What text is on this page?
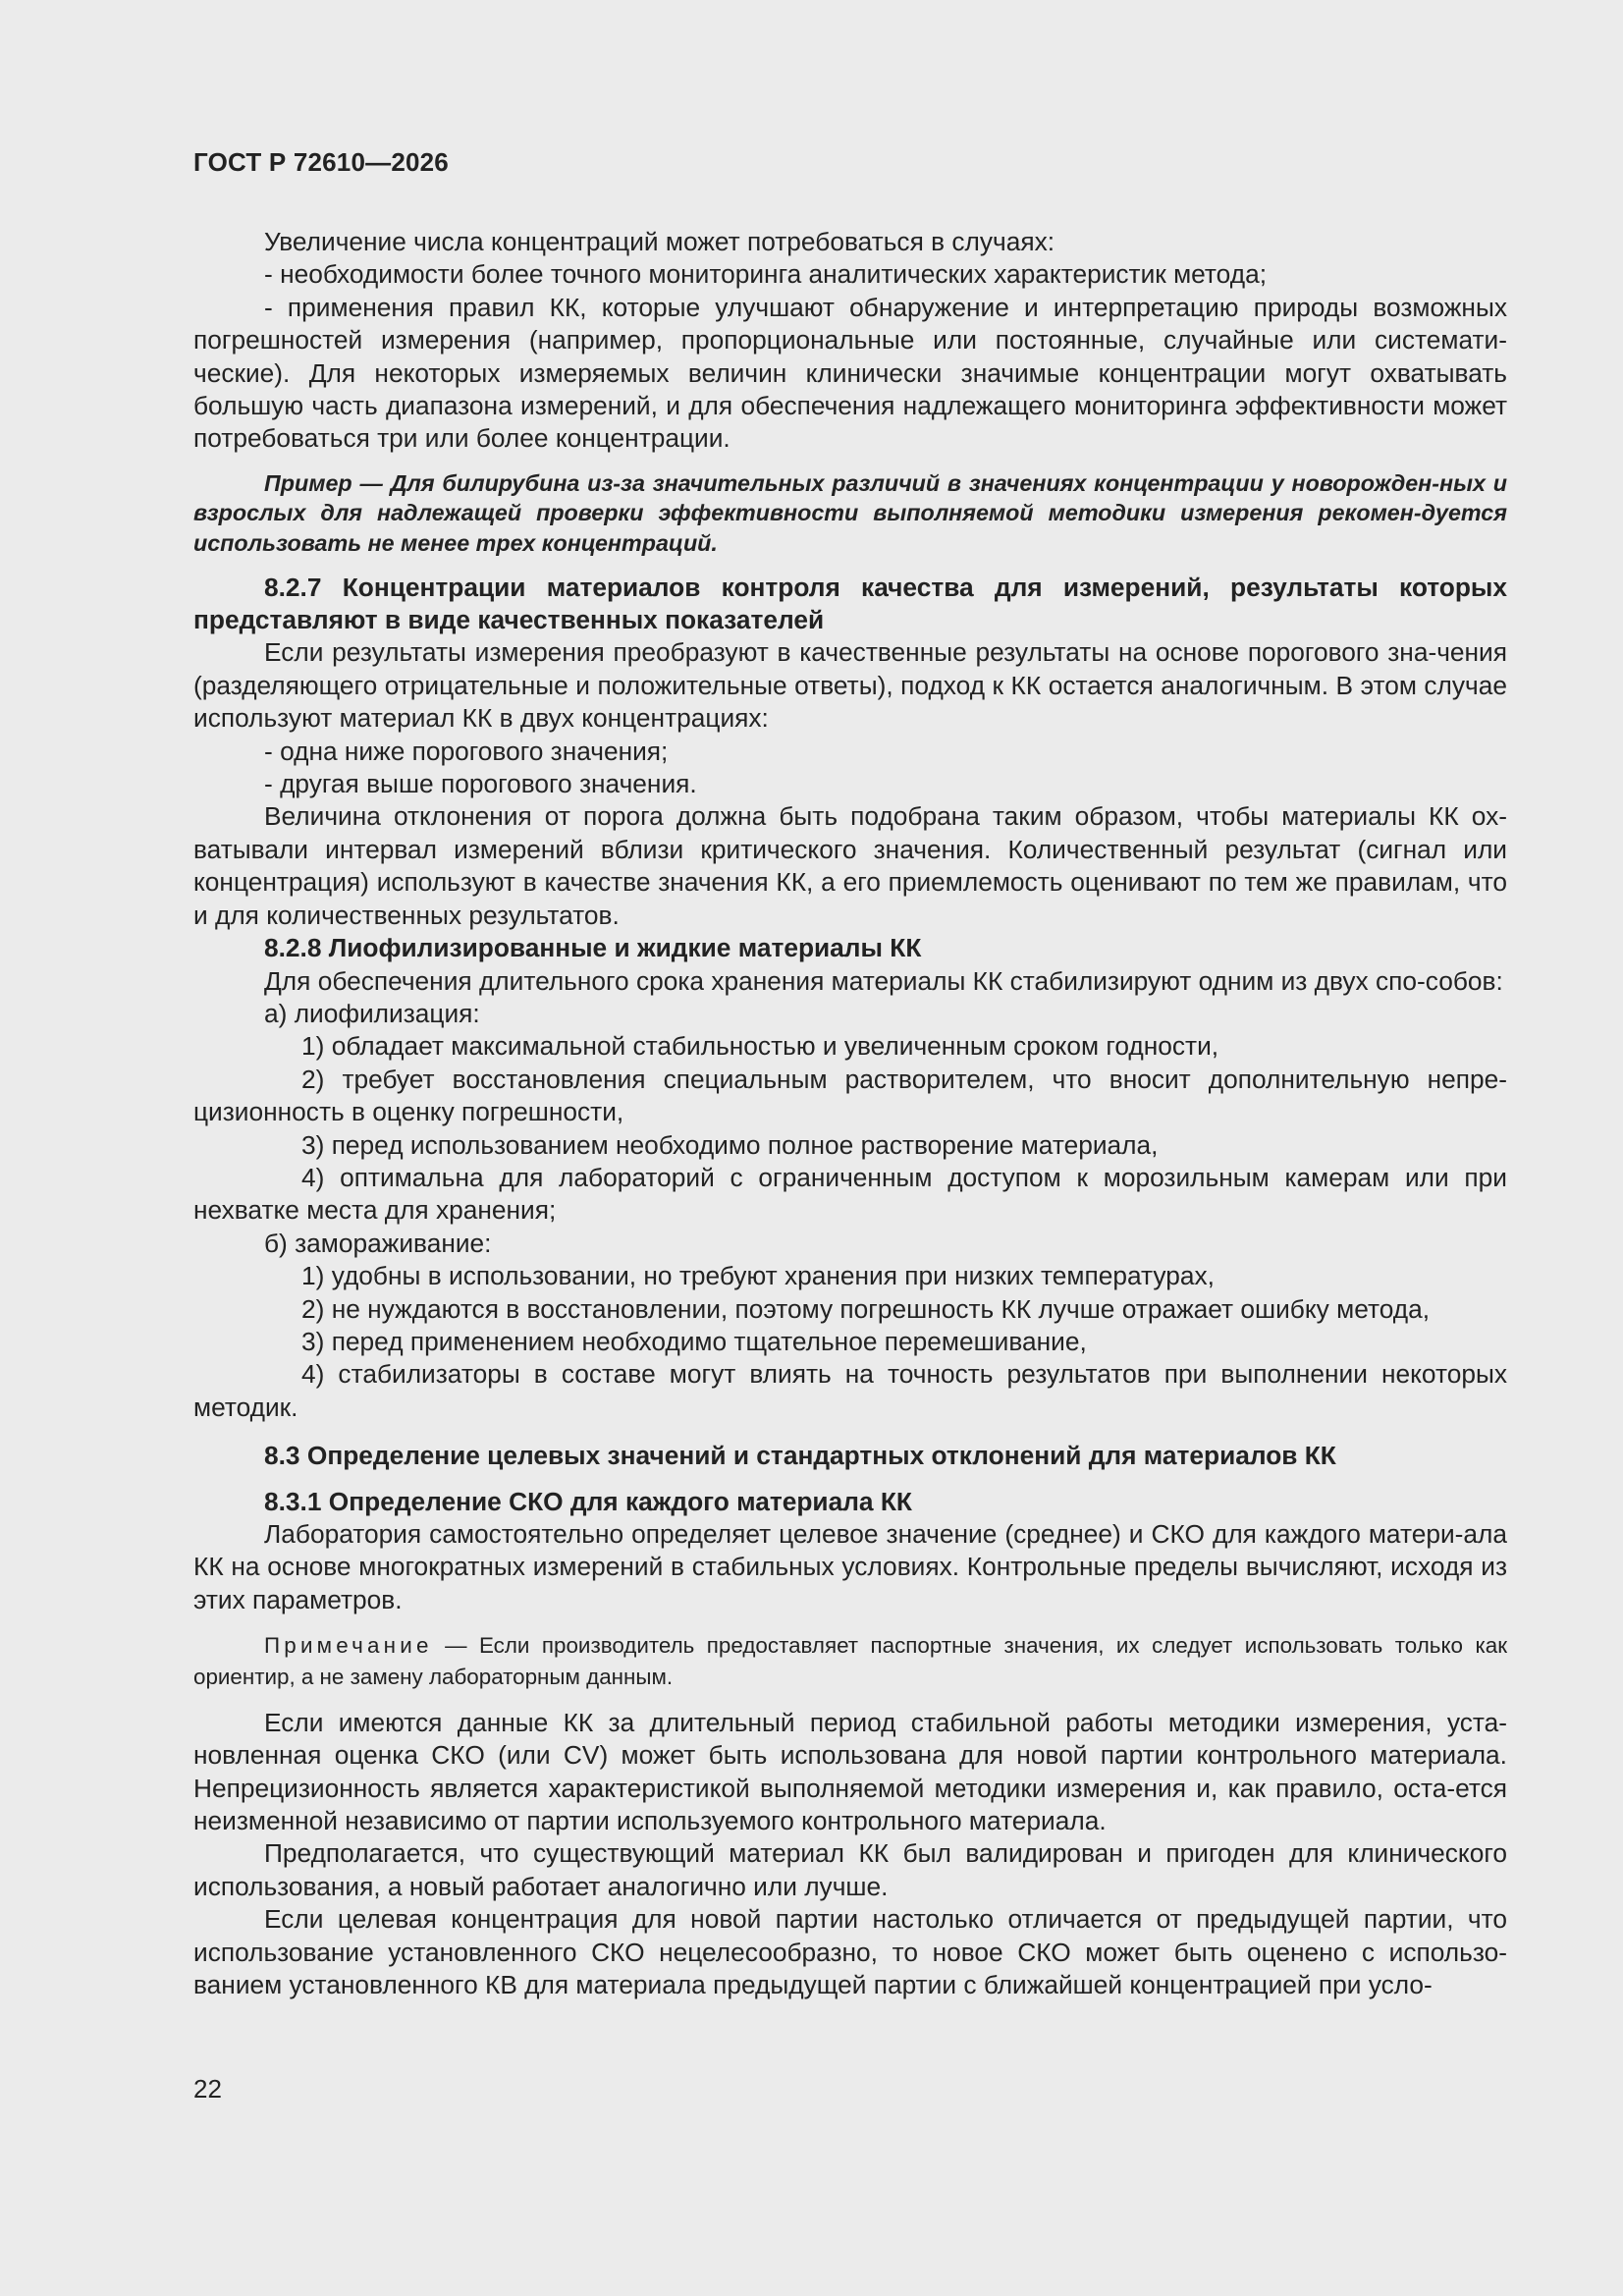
ГОСТ Р 72610—2026

Увеличение числа концентраций может потребоваться в случаях:

- необходимости более точного мониторинга аналитических характеристик метода;

- применения правил КК, которые улучшают обнаружение и интерпретацию природы возможных погрешностей измерения (например, пропорциональные или постоянные, случайные или системати-ческие). Для некоторых измеряемых величин клинически значимые концентрации могут охватывать большую часть диапазона измерений, и для обеспечения надлежащего мониторинга эффективности может потребоваться три или более концентрации.

Пример — Для билирубина из-за значительных различий в значениях концентрации у новорожден-ных и взрослых для надлежащей проверки эффективности выполняемой методики измерения рекомен-дуется использовать не менее трех концентраций.

8.2.7 Концентрации материалов контроля качества для измерений, результаты которых представляют в виде качественных показателей

Если результаты измерения преобразуют в качественные результаты на основе порогового зна-чения (разделяющего отрицательные и положительные ответы), подход к КК остается аналогичным. В этом случае используют материал КК в двух концентрациях:

- одна ниже порогового значения;

- другая выше порогового значения.

Величина отклонения от порога должна быть подобрана таким образом, чтобы материалы КК ох-ватывали интервал измерений вблизи критического значения. Количественный результат (сигнал или концентрация) используют в качестве значения КК, а его приемлемость оценивают по тем же правилам, что и для количественных результатов.

8.2.8 Лиофилизированные и жидкие материалы КК

Для обеспечения длительного срока хранения материалы КК стабилизируют одним из двух спо-собов:

а) лиофилизация:

1) обладает максимальной стабильностью и увеличенным сроком годности,

2) требует восстановления специальным растворителем, что вносит дополнительную непре-цизионность в оценку погрешности,

3) перед использованием необходимо полное растворение материала,

4) оптимальна для лабораторий с ограниченным доступом к морозильным камерам или при нехватке места для хранения;

б) замораживание:

1) удобны в использовании, но требуют хранения при низких температурах,

2) не нуждаются в восстановлении, поэтому погрешность КК лучше отражает ошибку метода,

3) перед применением необходимо тщательное перемешивание,

4) стабилизаторы в составе могут влиять на точность результатов при выполнении некоторых методик.

8.3 Определение целевых значений и стандартных отклонений для материалов КК

8.3.1 Определение СКО для каждого материала КК

Лаборатория самостоятельно определяет целевое значение (среднее) и СКО для каждого матери-ала КК на основе многократных измерений в стабильных условиях. Контрольные пределы вычисляют, исходя из этих параметров.

Примечание — Если производитель предоставляет паспортные значения, их следует использовать только как ориентир, а не замену лабораторным данным.

Если имеются данные КК за длительный период стабильной работы методики измерения, уста-новленная оценка СКО (или CV) может быть использована для новой партии контрольного материала. Непрецизионность является характеристикой выполняемой методики измерения и, как правило, оста-ется неизменной независимо от партии используемого контрольного материала.

Предполагается, что существующий материал КК был валидирован и пригоден для клинического использования, а новый работает аналогично или лучше.

Если целевая концентрация для новой партии настолько отличается от предыдущей партии, что использование установленного СКО нецелесообразно, то новое СКО может быть оценено с использо-ванием установленного КВ для материала предыдущей партии с ближайшей концентрацией при усло-

22
